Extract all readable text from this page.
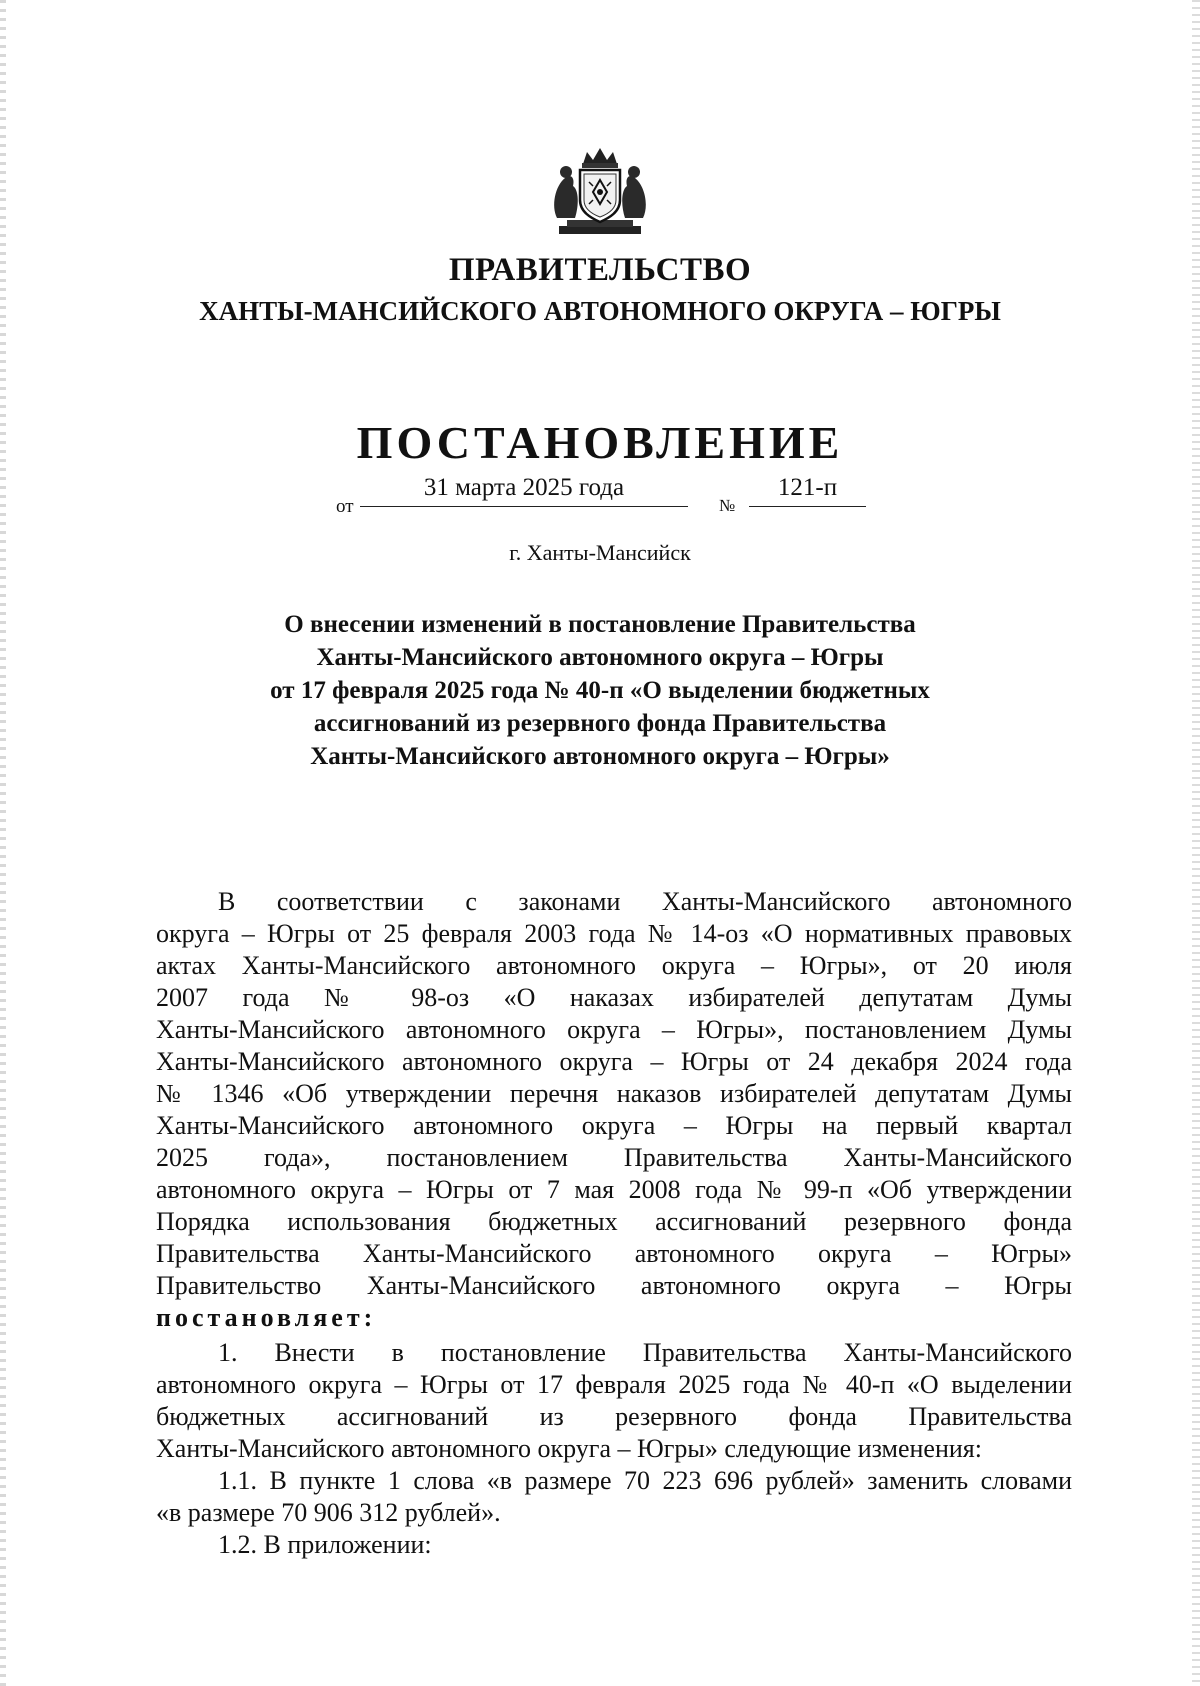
ПРАВИТЕЛЬСТВО
ХАНТЫ-МАНСИЙСКОГО АВТОНОМНОГО ОКРУГА – ЮГРЫ
ПОСТАНОВЛЕНИЕ
от
31 марта 2025 года
№
121-п
г. Ханты-Мансийск
О внесении изменений в постановление Правительства
Ханты-Мансийского автономного округа – Югры
от 17 февраля 2025 года № 40-п «О выделении бюджетных
ассигнований из резервного фонда Правительства
Ханты-Мансийского автономного округа – Югры»
В соответствии с законами Ханты-Мансийского автономного
округа – Югры от 25 февраля 2003 года № 14-оз «О нормативных правовых
актах Ханты-Мансийского автономного округа – Югры», от 20 июля
2007 года № 98-оз «О наказах избирателей депутатам Думы
Ханты-Мансийского автономного округа – Югры», постановлением Думы
Ханты-Мансийского автономного округа – Югры от 24 декабря 2024 года
№ 1346 «Об утверждении перечня наказов избирателей депутатам Думы
Ханты-Мансийского автономного округа – Югры на первый квартал
2025 года», постановлением Правительства Ханты-Мансийского
автономного округа – Югры от 7 мая 2008 года № 99-п «Об утверждении
Порядка использования бюджетных ассигнований резервного фонда
Правительства Ханты-Мансийского автономного округа – Югры»
Правительство Ханты-Мансийского автономного округа – Югры
постановляет:
1. Внести в постановление Правительства Ханты-Мансийского
автономного округа – Югры от 17 февраля 2025 года № 40-п «О выделении
бюджетных ассигнований из резервного фонда Правительства
Ханты-Мансийского автономного округа – Югры» следующие изменения:
1.1. В пункте 1 слова «в размере 70 223 696 рублей» заменить словами
«в размере 70 906 312 рублей».
1.2. В приложении:
